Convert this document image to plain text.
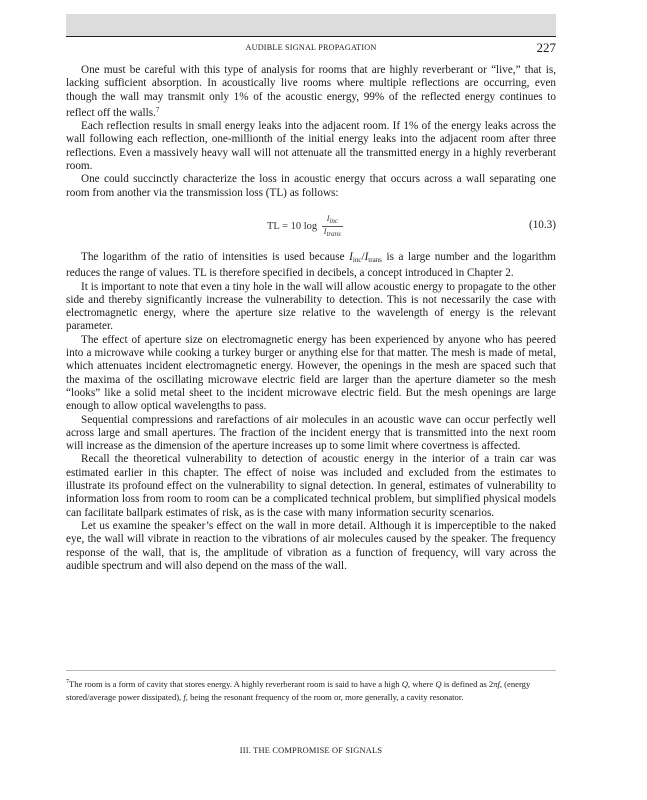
AUDIBLE SIGNAL PROPAGATION	227

One must be careful with this type of analysis for rooms that are highly reverberant or “live,” that is, lacking sufficient absorption. In acoustically live rooms where multiple reflections are occurring, even though the wall may transmit only 1% of the acoustic energy, 99% of the reflected energy continues to reflect off the walls.$^7$

Each reflection results in small energy leaks into the adjacent room. If 1% of the energy leaks across the wall following each reflection, one-millionth of the initial energy leaks into the adjacent room after three reflections. Even a massively heavy wall will not attenuate all the transmitted energy in a highly reverberant room.

One could succinctly characterize the loss in acoustic energy that occurs across a wall separating one room from another via the transmission loss (TL) as follows:

TL = 10 $\log \frac{\text{Iinc}}{\text{Itrans}}$	(10.3)

The logarithm of the ratio of intensities is used because $I_{inc}/I_{trans}$ is a large number and the logarithm reduces the range of values. TL is therefore specified in decibels, a concept introduced in Chapter 2.

It is important to note that even a tiny hole in the wall will allow acoustic energy to propagate to the other side and thereby significantly increase the vulnerability to detection. This is not necessarily the case with electromagnetic energy, where the aperture size relative to the wavelength of energy is the relevant parameter.

The effect of aperture size on electromagnetic energy has been experienced by anyone who has peered into a microwave while cooking a turkey burger or anything else for that matter. The mesh is made of metal, which attenuates incident electromagnetic energy. However, the openings in the mesh are spaced such that the maxima of the oscillating microwave electric field are larger than the aperture diameter so the mesh “looks” like a solid metal sheet to the incident microwave electric field. But the mesh openings are large enough to allow optical wavelengths to pass.

Sequential compressions and rarefactions of air molecules in an acoustic wave can occur perfectly well across large and small apertures. The fraction of the incident energy that is transmitted into the next room will increase as the dimension of the aperture increases up to some limit where covertness is affected.

Recall the theoretical vulnerability to detection of acoustic energy in the interior of a train car was estimated earlier in this chapter. The effect of noise was included and excluded from the estimates to illustrate its profound effect on the vulnerability to signal detection. In general, estimates of vulnerability to information loss from room to room can be a complicated technical problem, but simplified physical models can facilitate ballpark estimates of risk, as is the case with many information security scenarios.

Let us examine the speaker’s effect on the wall in more detail. Although it is imperceptible to the naked eye, the wall will vibrate in reaction to the vibrations of air molecules caused by the speaker. The frequency response of the wall, that is, the amplitude of vibration as a function of frequency, will vary across the audible spectrum and will also depend on the mass of the wall.

$^7$The room is a form of cavity that stores energy. A highly reverberant room is said to have a high Q, where Q is defined as 2πf, (energy stored/average power dissipated), f, being the resonant frequency of the room or, more generally, a cavity resonator.
III. THE COMPROMISE OF SIGNALS
